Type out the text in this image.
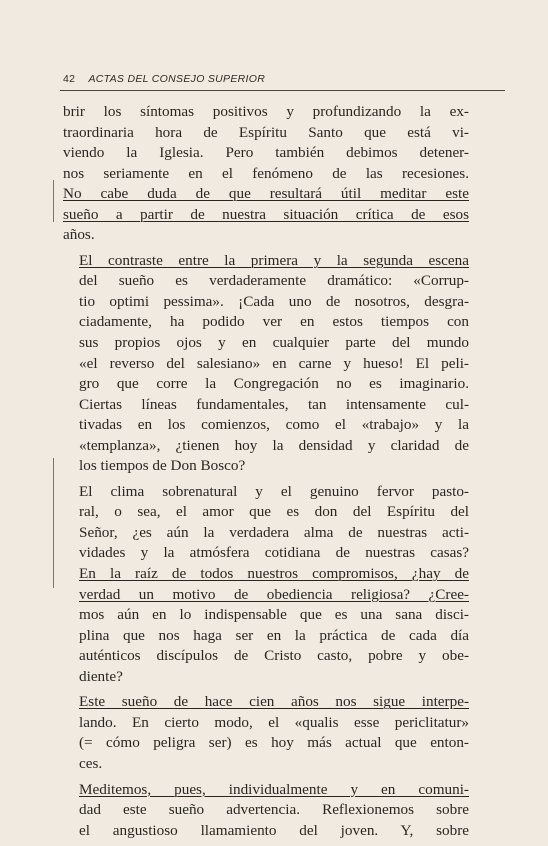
42 ACTAS DEL CONSEJO SUPERIOR

brir los síntomas positivos y profundizando la ex-
traordinaria hora de Espíritu Santo que está vi-
viendo la Iglesia. Pero también debimos detener-
nos seriamente en el fenómeno de las recesiones.
No cabe duda de que resultará útil meditar este
sueño a partir de nuestra situación crítica de esos
años.

El contraste entre la primera y la segunda escena
del sueño es verdaderamente dramático: «Corrup-
tio optimi pessima». ¡Cada uno de nosotros, desgra-
ciadamente, ha podido ver en estos tiempos con
sus propios ojos y en cualquier parte del mundo
«el reverso del salesiano» en carne y hueso! El peli-
gro que corre la Congregación no es imaginario.
Ciertas líneas fundamentales, tan intensamente cul-
tivadas en los comienzos, como el «trabajo» y la
«templanza», ¿tienen hoy la densidad y claridad de
los tiempos de Don Bosco?

El clima sobrenatural y el genuino fervor pasto-
ral, o sea, el amor que es don del Espíritu del
Señor, ¿es aún la verdadera alma de nuestras acti-
vidades y la atmósfera cotidiana de nuestras casas?
En la raíz de todos nuestros compromisos, ¿hay de
verdad un motivo de obediencia religiosa? ¿Cree-
mos aún en lo indispensable que es una sana disci-
plina que nos haga ser en la práctica de cada día
auténticos discípulos de Cristo casto, pobre y obe-
diente?

Este sueño de hace cien años nos sigue interpe-
lando. En cierto modo, el «qualis esse periclitatur»
(= cómo peligra ser) es hoy más actual que enton-
ces.

Meditemos, pues, individualmente y en comuni-
dad este sueño advertencia. Reflexionemos sobre
el angustioso llamamiento del joven. Y, sobre
